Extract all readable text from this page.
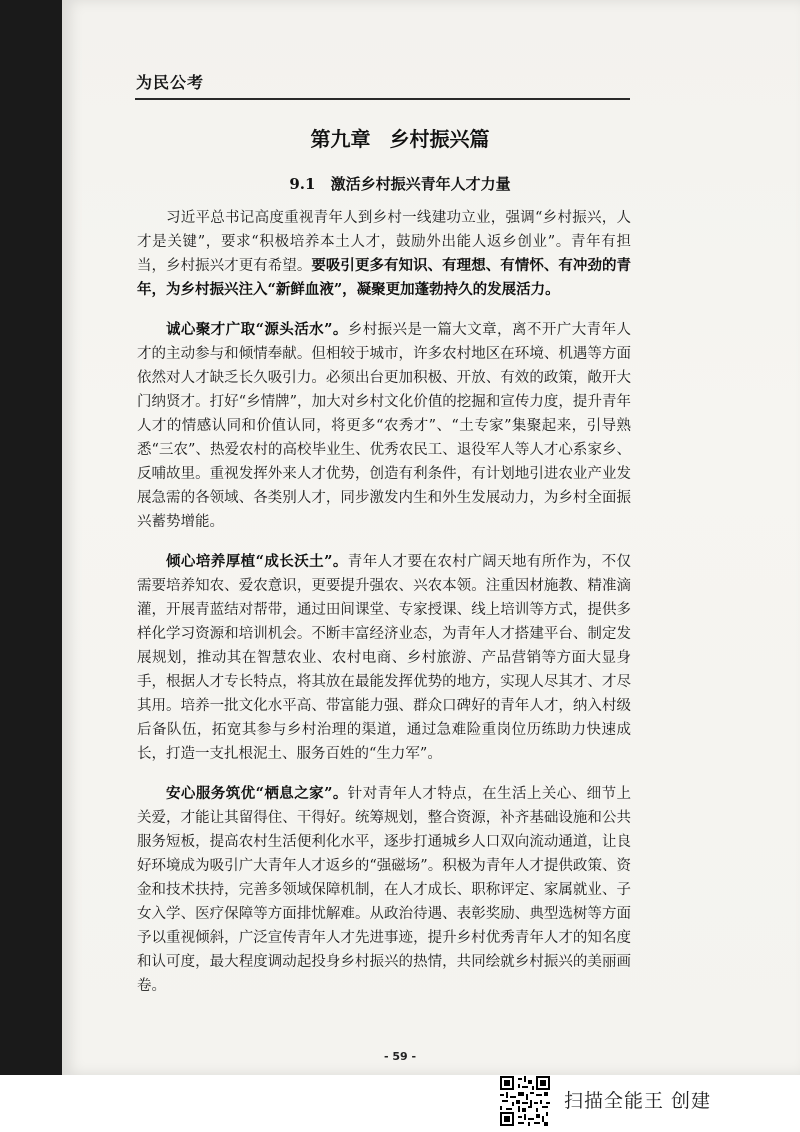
为民公考
第九章 乡村振兴篇
9.1 激活乡村振兴青年人才力量

习近平总书记高度重视青年人到乡村一线建功立业，强调“乡村振兴，人才是关键”，要求“积极培养本土人才，鼓励外出能人返乡创业”。青年有担当，乡村振兴才更有希望。要吸引更多有知识、有理想、有情怀、有冲劲的青年，为乡村振兴注入“新鲜血液”，凝聚更加蓬勃持久的发展活力。

诚心聚才广取“源头活水”。乡村振兴是一篇大文章，离不开广大青年人才的主动参与和倾情奉献。但相较于城市，许多农村地区在环境、机遇等方面依然对人才缺乏长久吸引力。必须出台更加积极、开放、有效的政策，敞开大门纳贤才。打好“乡情牌”，加大对乡村文化价值的挖掘和宣传力度，提升青年人才的情感认同和价值认同，将更多“农秀才”、“土专家”集聚起来，引导熟悉“三农”、热爱农村的高校毕业生、优秀农民工、退役军人等人才心系家乡、反哺故里。重视发挥外来人才优势，创造有利条件，有计划地引进农业产业发展急需的各领域、各类别人才，同步激发内生和外生发展动力，为乡村全面振兴蓄势增能。

倾心培养厚植“成长沃土”。青年人才要在农村广阔天地有所作为，不仅需要培养知农、爱农意识，更要提升强农、兴农本领。注重因材施教、精准滴灌，开展青蓝结对帮带，通过田间课堂、专家授课、线上培训等方式，提供多样化学习资源和培训机会。不断丰富经济业态，为青年人才搭建平台、制定发展规划，推动其在智慧农业、农村电商、乡村旅游、产品营销等方面大显身手，根据人才专长特点，将其放在最能发挥优势的地方，实现人尽其才、才尽其用。培养一批文化水平高、带富能力强、群众口碑好的青年人才，纳入村级后备队伍，拓宽其参与乡村治理的渠道，通过急难险重岗位历练助力快速成长，打造一支扎根泥土、服务百姓的“生力军”。

安心服务筑优“栖息之家”。针对青年人才特点，在生活上关心、细节上关爱，才能让其留得住、干得好。统筹规划，整合资源，补齐基础设施和公共服务短板，提高农村生活便利化水平，逐步打通城乡人口双向流动通道，让良好环境成为吸引广大青年人才返乡的“强磁场”。积极为青年人才提供政策、资金和技术扶持，完善多领域保障机制，在人才成长、职称评定、家属就业、子女入学、医疗保障等方面排忧解难。从政治待遇、表彰奖励、典型选树等方面予以重视倾斜，广泛宣传青年人才先进事迹，提升乡村优秀青年人才的知名度和认可度，最大程度调动起投身乡村振兴的热情，共同绘就乡村振兴的美丽画卷。

- 59 -
扫描全能王 创建
